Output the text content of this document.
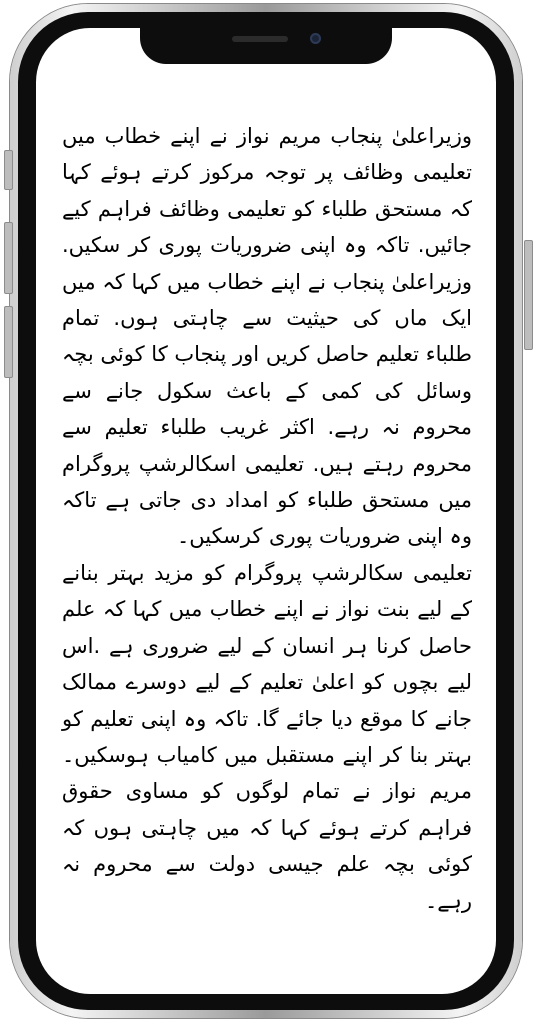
وزیراعلیٰ پنجاب مریم نواز نے اپنے خطاب میں تعلیمی وظائف پر توجہ مرکوز کرتے ہوئے کہا کہ مستحق طلباء کو تعلیمی وظائف فراہم کیے جائیں. تاکہ وہ اپنی ضروریات پوری کر سکیں. وزیراعلیٰ پنجاب نے اپنے خطاب میں کہا کہ میں ایک ماں کی حیثیت سے چاہتی ہوں. تمام طلباء تعلیم حاصل کریں اور پنجاب کا کوئی بچہ وسائل کی کمی کے باعث سکول جانے سے محروم نہ رہے. اکثر غریب طلباء تعلیم سے محروم رہتے ہیں. تعلیمی اسکالرشپ پروگرام میں مستحق طلباء کو امداد دی جاتی ہے تاکہ وہ اپنی ضروریات پوری کرسکیں۔

تعلیمی سکالرشپ پروگرام کو مزید بہتر بنانے کے لیے بنت نواز نے اپنے خطاب میں کہا کہ علم حاصل کرنا ہر انسان کے لیے ضروری ہے .اس لیے بچوں کو اعلیٰ تعلیم کے لیے دوسرے ممالک جانے کا موقع دیا جائے گا. تاکہ وہ اپنی تعلیم کو بہتر بنا کر اپنے مستقبل میں کامیاب ہوسکیں۔ مریم نواز نے تمام لوگوں کو مساوی حقوق فراہم کرتے ہوئے کہا کہ میں چاہتی ہوں کہ کوئی بچہ علم جیسی دولت سے محروم نہ رہے۔
